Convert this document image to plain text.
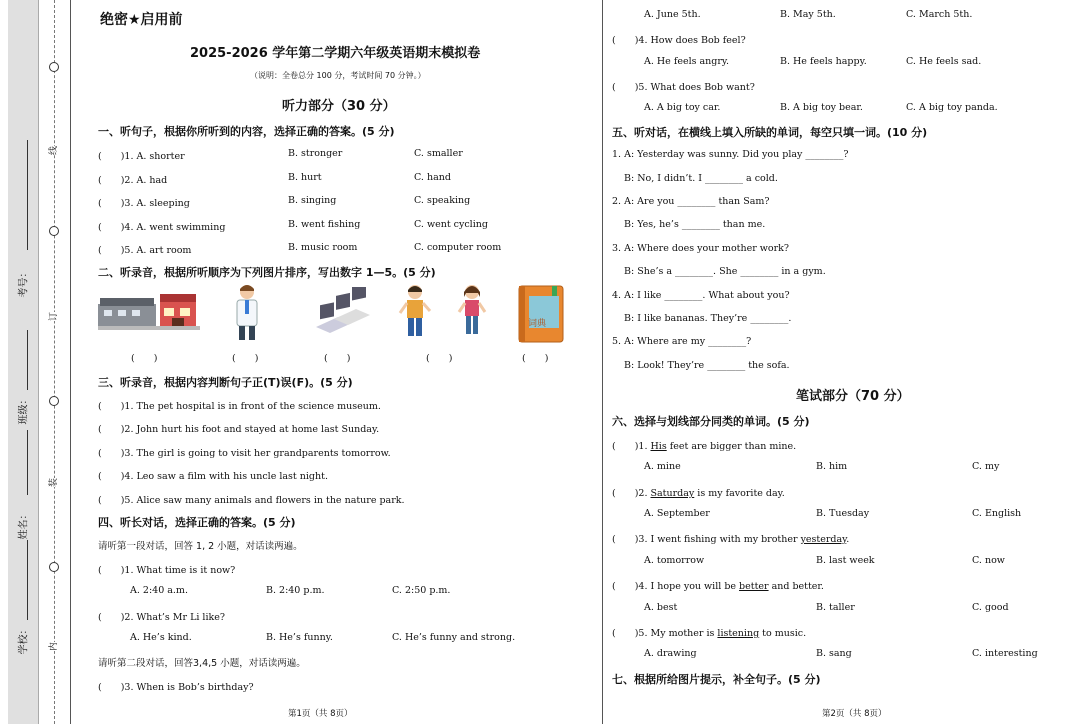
线
订
装
内
考号：
班级：
姓名：
学校：
绝密★启用前
2025-2026 学年第二学期六年级英语期末模拟卷
（说明：全卷总分 100 分，考试时间 70 分钟。）
听力部分（30 分）
一、听句子，根据你所听到的内容，选择正确的答案。(5 分)
(　　)1. A. shorter	B. stronger	C. smaller
(　　)2. A. had	B. hurt	C. hand
(　　)3. A. sleeping	B. singing	C. speaking
(　　)4. A. went swimming	B. went fishing	C. went cycling
(　　)5. A. art room	B. music room	C. computer room
二、听录音，根据所听顺序为下列图片排序，写出数字 1—5。(5 分)
词典
(　　)	(　　)	(　　)	(　　)	(　　)
三、听录音，根据内容判断句子正(T)误(F)。(5 分)
(　　)1. The pet hospital is in front of the science museum.
(　　)2. John hurt his foot and stayed at home last Sunday.
(　　)3. The girl is going to visit her grandparents tomorrow.
(　　)4. Leo saw a film with his uncle last night.
(　　)5. Alice saw many animals and flowers in the nature park.
四、听长对话，选择正确的答案。(5 分)
请听第一段对话，回答 1, 2 小题，对话读两遍。
(　　)1. What time is it now?
A. 2:40 a.m.	B. 2:40 p.m.	C. 2:50 p.m.
(　　)2. What’s Mr Li like?
A. He’s kind.	B. He’s funny.	C. He’s funny and strong.
请听第二段对话，回答3,4,5 小题，对话读两遍。
(　　)3. When is Bob’s birthday?
第1页（共 8页）
A. June 5th.	B. May 5th.	C. March 5th.
(　　)4. How does Bob feel?
A. He feels angry.	B. He feels happy.	C. He feels sad.
(　　)5. What does Bob want?
A. A big toy car.	B. A big toy bear.	C. A big toy panda.
五、听对话，在横线上填入所缺的单词，每空只填一词。(10 分)
1. A: Yesterday was sunny. Did you play ________?
B: No, I didn’t. I ________ a cold.
2. A: Are you ________ than Sam?
B: Yes, he’s ________ than me.
3. A: Where does your mother work?
B: She’s a ________. She ________ in a gym.
4. A: I like ________. What about you?
B: I like bananas. They’re ________.
5. A: Where are my ________?
B: Look! They’re ________ the sofa.
笔试部分（70 分）
六、选择与划线部分同类的单词。(5 分)
(　　)1. His feet are bigger than mine.
A. mine	B. him	C. my
(　　)2. Saturday is my favorite day.
A. September	B. Tuesday	C. English
(　　)3. I went fishing with my brother yesterday.
A. tomorrow	B. last week	C. now
(　　)4. I hope you will be better and better.
A. best	B. taller	C. good
(　　)5. My mother is listening to music.
A. drawing	B. sang	C. interesting
七、根据所给图片提示，补全句子。(5 分)
第2页（共 8页）
